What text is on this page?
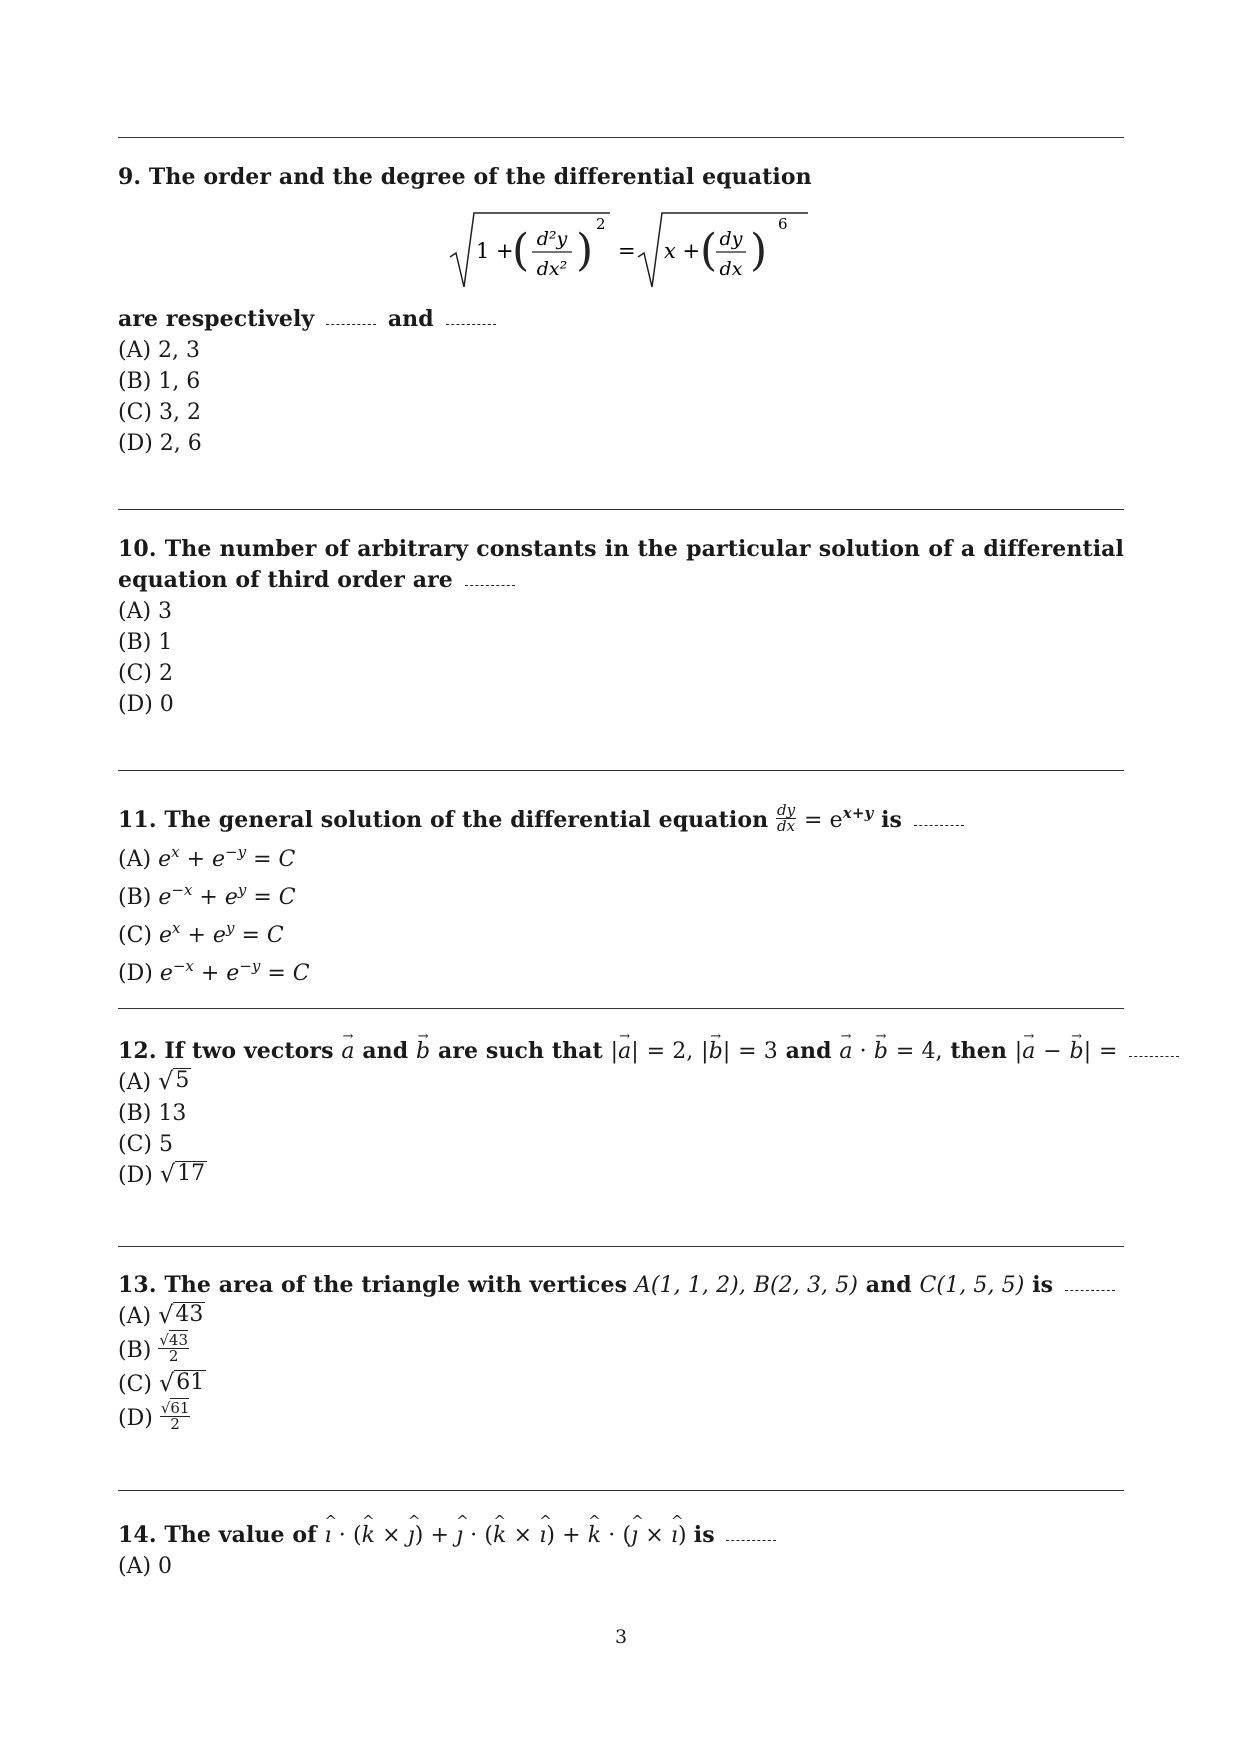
9. The order and the degree of the differential equation

1 +
( d²y
dx² )
2
= x + ( dy
dx )
6

are respectively	and

(A) 2, 3
(B) 1, 6
(C) 3, 2
(D) 2, 6

10. The number of arbitrary constants in the particular solution of a differential equation of third order are

(A) 3
(B) 1
(C) 2
(D) 0

11. The general solution of the differential equation $\frac{dy}{dx} = e^{x+y}$ is

(A) $e^x + e^{-y} = C$
(B) $e^{-x} + e^y = C$
(C) $e^x + e^y = C$
(D) $e^{-x} + e^{-y} = C$

12. If two vectors a → and b → are such that |a →| = 2, |b →| = 3 and a → · b → = 4, then |a → − b →| =

(A) √ 5
(B) 13
(C) 5
(D) √ 17

13. The area of the triangle with vertices A(1, 1, 2), B(2, 3, 5) and C(1, 5, 5) is

(A) √ 43
$(B) \frac{√43}{2}$
(C) √ 61
$(D) \frac{√61}{2}$

14. The value of ı ^ · (k ^ × ȷ ^) + ȷ ^ · (k ^ × ı ^) + k ^ · (ȷ ^ × ı ^) is

(A) 0
3
